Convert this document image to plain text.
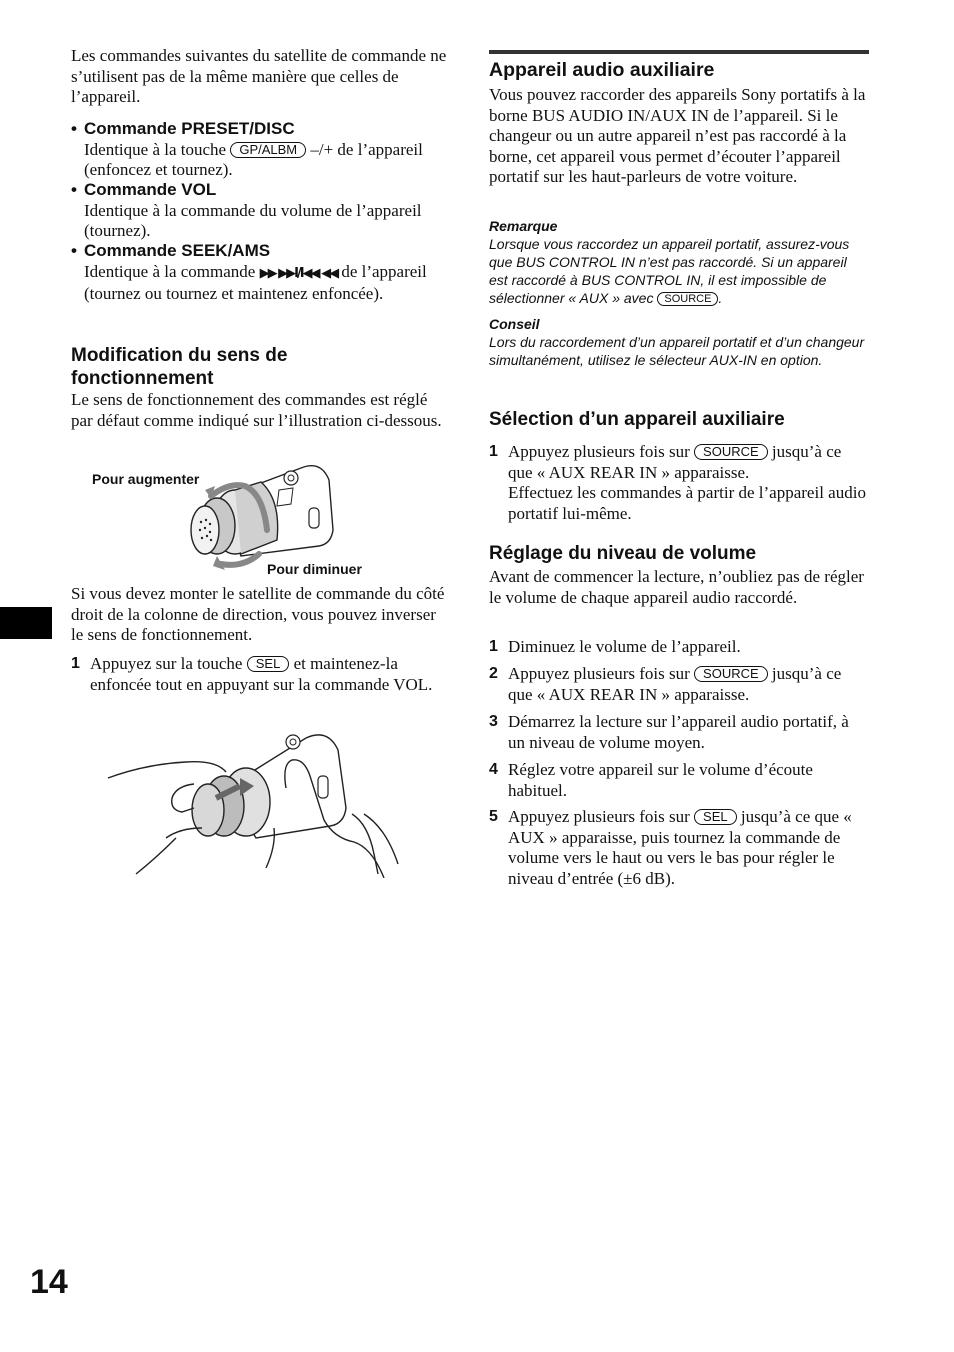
Les commandes suivantes du satellite de commande ne s’utilisent pas de la même manière que celles de l’appareil.

• Commande PRESET/DISC

Identique à la touche GP/ALBM –/+ de l’appareil (enfoncez et tournez).

• Commande VOL

Identique à la commande du volume de l’appareil (tournez).

• Commande SEEK/AMS

Identique à la commande ▶▶ ▶▶I/I◀◀ ◀◀ de l’appareil (tournez ou tournez et maintenez enfoncée).

Modification du sens de fonctionnement

Le sens de fonctionnement des commandes est réglé par défaut comme indiqué sur l’illustration ci-dessous.

Pour augmenter
Pour diminuer

Si vous devez monter le satellite de commande du côté droit de la colonne de direction, vous pouvez inverser le sens de fonctionnement.

1 Appuyez sur la touche SEL et maintenez-la enfoncée tout en appuyant sur la commande VOL.

Appareil audio auxiliaire

Vous pouvez raccorder des appareils Sony portatifs à la borne BUS AUDIO IN/AUX IN de l’appareil. Si le changeur ou un autre appareil n’est pas raccordé à la borne, cet appareil vous permet d’écouter l’appareil portatif sur les haut-parleurs de votre voiture.

Remarque

Lorsque vous raccordez un appareil portatif, assurez-vous que BUS CONTROL IN n’est pas raccordé. Si un appareil est raccordé à BUS CONTROL IN, il est impossible de sélectionner « AUX » avec SOURCE .

Conseil

Lors du raccordement d’un appareil portatif et d’un changeur simultanément, utilisez le sélecteur AUX-IN en option.

Sélection d’un appareil auxiliaire
1 Appuyez plusieurs fois sur SOURCE jusqu’à ce que « AUX REAR IN » apparaisse.

Effectuez les commandes à partir de l’appareil audio portatif lui-même.

Réglage du niveau de volume

Avant de commencer la lecture, n’oubliez pas de régler le volume de chaque appareil audio raccordé.

1 Diminuez le volume de l’appareil.

2 Appuyez plusieurs fois sur SOURCE jusqu’à ce que « AUX REAR IN » apparaisse.

3 Démarrez la lecture sur l’appareil audio portatif, à un niveau de volume moyen.

4 Réglez votre appareil sur le volume d’écoute habituel.

5 Appuyez plusieurs fois sur SEL jusqu’à ce que « AUX » apparaisse, puis tournez la commande de volume vers le haut ou vers le bas pour régler le niveau d’entrée (±6 dB).

14
